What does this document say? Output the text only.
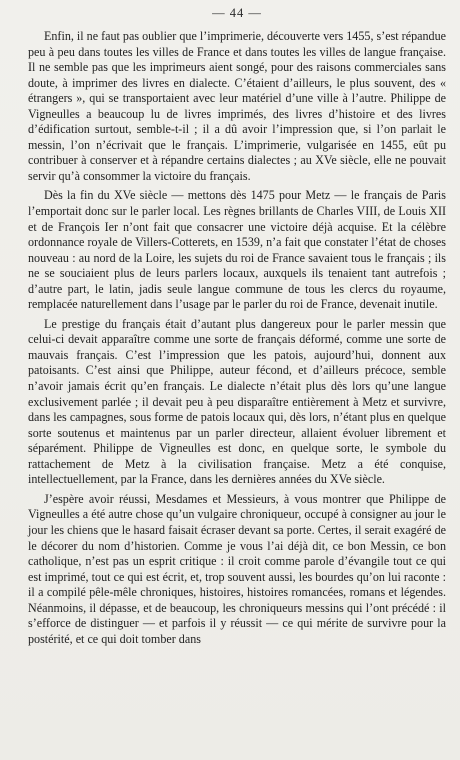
— 44 —

Enfin, il ne faut pas oublier que l’imprimerie, découverte vers 1455, s’est répandue peu à peu dans toutes les villes de France et dans toutes les villes de langue française. Il ne semble pas que les imprimeurs aient songé, pour des raisons commerciales sans doute, à imprimer des livres en dialecte. C’étaient d’ailleurs, le plus souvent, des « étrangers », qui se transportaient avec leur matériel d’une ville à l’autre. Philippe de Vigneulles a beaucoup lu de livres imprimés, des livres d’histoire et des livres d’édification surtout, semble-t-il ; il a dû avoir l’impression que, si l’on parlait le messin, l’on n’écrivait que le français. L’imprimerie, vulgarisée en 1455, eût pu contribuer à conserver et à répandre certains dialectes ; au XVe siècle, elle ne pouvait servir qu’à consommer la victoire du français.

Dès la fin du XVe siècle — mettons dès 1475 pour Metz — le français de Paris l’emportait donc sur le parler local. Les règnes brillants de Charles VIII, de Louis XII et de François Ier n’ont fait que consacrer une victoire déjà acquise. Et la célèbre ordonnance royale de Villers-Cotterets, en 1539, n’a fait que constater l’état de choses nouveau : au nord de la Loire, les sujets du roi de France savaient tous le français ; ils ne se souciaient plus de leurs parlers locaux, auxquels ils tenaient tant autrefois ; d’autre part, le latin, jadis seule langue commune de tous les clercs du royaume, remplacée naturellement dans l’usage par le parler du roi de France, devenait inutile.

Le prestige du français était d’autant plus dangereux pour le parler messin que celui-ci devait apparaître comme une sorte de français déformé, comme une sorte de mauvais français. C’est l’impression que les patois, aujourd’hui, donnent aux patoisants. C’est ainsi que Philippe, auteur fécond, et d’ailleurs précoce, semble n’avoir jamais écrit qu’en français. Le dialecte n’était plus dès lors qu’une langue exclusivement parlée ; il devait peu à peu disparaître entièrement à Metz et survivre, dans les campagnes, sous forme de patois locaux qui, dès lors, n’étant plus en quelque sorte soutenus et maintenus par un parler directeur, allaient évoluer librement et séparément. Philippe de Vigneulles est donc, en quelque sorte, le symbole du rattachement de Metz à la civilisation française. Metz a été conquise, intellectuellement, par la France, dans les dernières années du XVe siècle.

J’espère avoir réussi, Mesdames et Messieurs, à vous montrer que Philippe de Vigneulles a été autre chose qu’un vulgaire chroniqueur, occupé à consigner au jour le jour les chiens que le hasard faisait écraser devant sa porte. Certes, il serait exagéré de le décorer du nom d’historien. Comme je vous l’ai déjà dit, ce bon Messin, ce bon catholique, n’est pas un esprit critique : il croit comme parole d’évangile tout ce qui est imprimé, tout ce qui est écrit, et, trop souvent aussi, les bourdes qu’on lui raconte : il a compilé pêle-mêle chroniques, histoires, histoires romancées, romans et légendes. Néanmoins, il dépasse, et de beaucoup, les chroniqueurs messins qui l’ont précédé : il s’efforce de distinguer — et parfois il y réussit — ce qui mérite de survivre pour la postérité, et ce qui doit tomber dans
